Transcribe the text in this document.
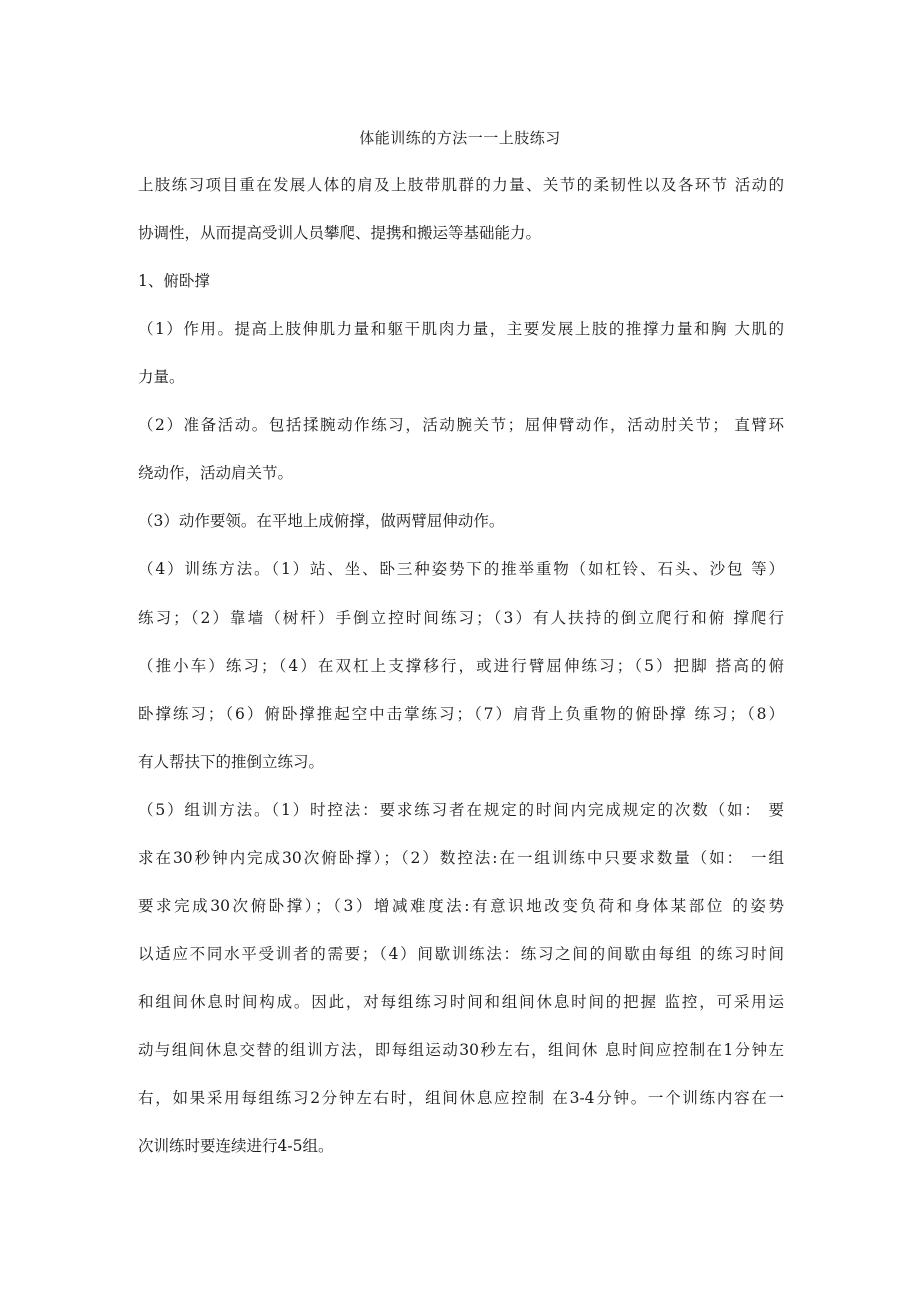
体能训练的方法一一上肢练习
上肢练习项目重在发展人体的肩及上肢带肌群的力量、关节的柔韧性以及各环节 活动的
协调性，从而提高受训人员攀爬、提携和搬运等基础能力。
1、俯卧撑
（1）作用。提高上肢伸肌力量和躯干肌肉力量，主要发展上肢的推撑力量和胸 大肌的
力量。
（2）准备活动。包括揉腕动作练习，活动腕关节；屈伸臂动作，活动肘关节； 直臂环
绕动作，活动肩关节。
（3）动作要领。在平地上成俯撑，做两臂屈伸动作。
（4）训练方法。（1）站、坐、卧三种姿势下的推举重物（如杠铃、石头、沙包 等）
练习；（2）靠墙（树杆）手倒立控时间练习；（3）有人扶持的倒立爬行和俯 撑爬行
（推小车）练习；（4）在双杠上支撑移行，或进行臂屈伸练习；（5）把脚 搭高的俯
卧撑练习；（6）俯卧撑推起空中击掌练习；（7）肩背上负重物的俯卧撑 练习；（8）
有人帮扶下的推倒立练习。
（5）组训方法。（1）时控法：要求练习者在规定的时间内完成规定的次数（如： 要
求在30秒钟内完成30次俯卧撑）；（2）数控法:在一组训练中只要求数量（如： 一组
要求完成30次俯卧撑）；（3）增减难度法:有意识地改变负荷和身体某部位 的姿势
以适应不同水平受训者的需要；（4）间歇训练法：练习之间的间歇由每组 的练习时间
和组间休息时间构成。因此，对每组练习时间和组间休息时间的把握 监控，可采用运
动与组间休息交替的组训方法，即每组运动30秒左右，组间休 息时间应控制在1分钟左
右，如果采用每组练习2分钟左右时，组间休息应控制 在3-4分钟。一个训练内容在一
次训练时要连续进行4-5组。
